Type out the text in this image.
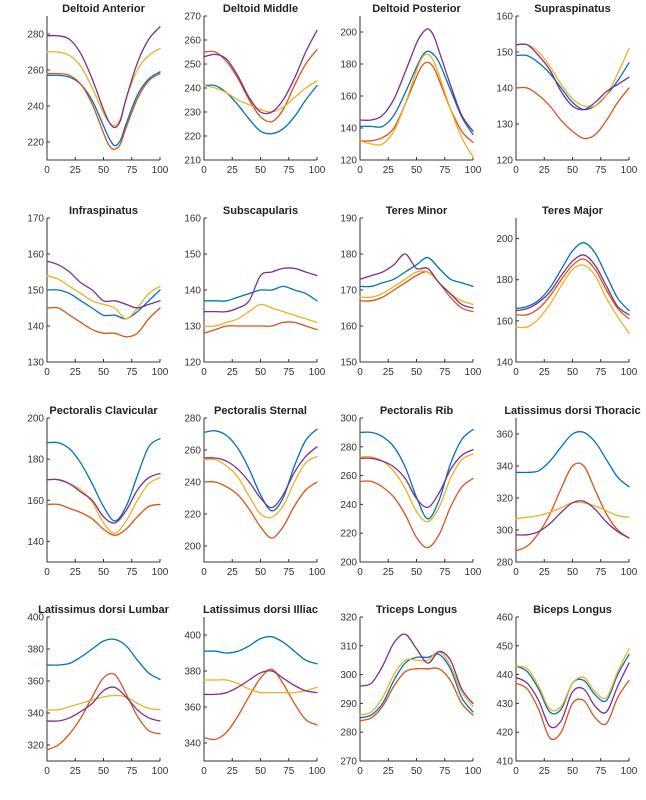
Deltoid Anterior
220
240
260
280
0 25 50 75 100
Deltoid Middle
210
220
230
240
250
260
270
0 25 50 75 100
Deltoid Posterior
120
140
160
180
200
0 25 50 75 100
Supraspinatus
120
130
140
150
160
0 25 50 75 100
Infraspinatus
130
140
150
160
170
0 25 50 75 100
Subscapularis
120
130
140
150
160
0 25 50 75 100
Teres Minor
150
160
170
180
190
0 25 50 75 100
Teres Major
140
160
180
200
0 25 50 75 100
Pectoralis Clavicular
140
160
180
200
0 25 50 75 100
Pectoralis Sternal
200
220
240
260
280
0 25 50 75 100
Pectoralis Rib
200
220
240
260
280
300
0 25 50 75 100
Latissimus dorsi Thoracic
280
300
320
340
360
0 25 50 75 100
Latissimus dorsi Lumbar
320
340
360
380
400
0 25 50 75 100
Latissimus dorsi Illiac
340
360
380
400
0 25 50 75 100
Triceps Longus
270
280
290
300
310
320
0 25 50 75 100
Biceps Longus
410
420
430
440
450
460
0 25 50 75 100
